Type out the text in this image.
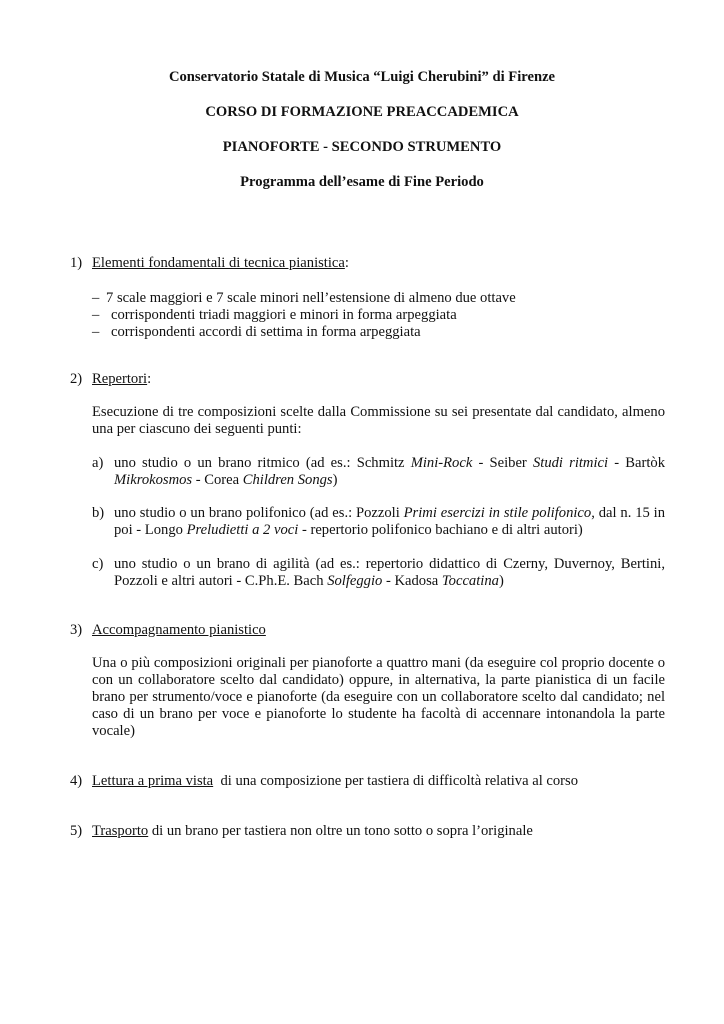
Conservatorio Statale di Musica “Luigi Cherubini” di Firenze
CORSO DI FORMAZIONE PREACCADEMICA
PIANOFORTE - SECONDO STRUMENTO
Programma dell’esame di Fine Periodo
1) Elementi fondamentali di tecnica pianistica:
– 7 scale maggiori e 7 scale minori nell’estensione di almeno due ottave
– corrispondenti triadi maggiori e minori in forma arpeggiata
– corrispondenti accordi di settima in forma arpeggiata
2) Repertori:

Esecuzione di tre composizioni scelte dalla Commissione su sei presentate dal candidato, almeno una per ciascuno dei seguenti punti:

a) uno studio o un brano ritmico (ad es.: Schmitz Mini-Rock - Seiber Studi ritmici - Bartòk Mikrokosmos - Corea Children Songs)

b) uno studio o un brano polifonico (ad es.: Pozzoli Primi esercizi in stile polifonico, dal n. 15 in poi - Longo Preludietti a 2 voci - repertorio polifonico bachiano e di altri autori)

c) uno studio o un brano di agilità (ad es.: repertorio didattico di Czerny, Duvernoy, Bertini, Pozzoli e altri autori - C.Ph.E. Bach Solfeggio - Kadosa Toccatina)

3) Accompagnamento pianistico

Una o più composizioni originali per pianoforte a quattro mani (da eseguire col proprio docente o con un collaboratore scelto dal candidato) oppure, in alternativa, la parte pianistica di un facile brano per strumento/voce e pianoforte (da eseguire con un collaboratore scelto dal candidato; nel caso di un brano per voce e pianoforte lo studente ha facoltà di accennare intonandola la parte vocale)

4) Lettura a prima vista  di una composizione per tastiera di difficoltà relativa al corso
5) Trasporto di un brano per tastiera non oltre un tono sotto o sopra l’originale
